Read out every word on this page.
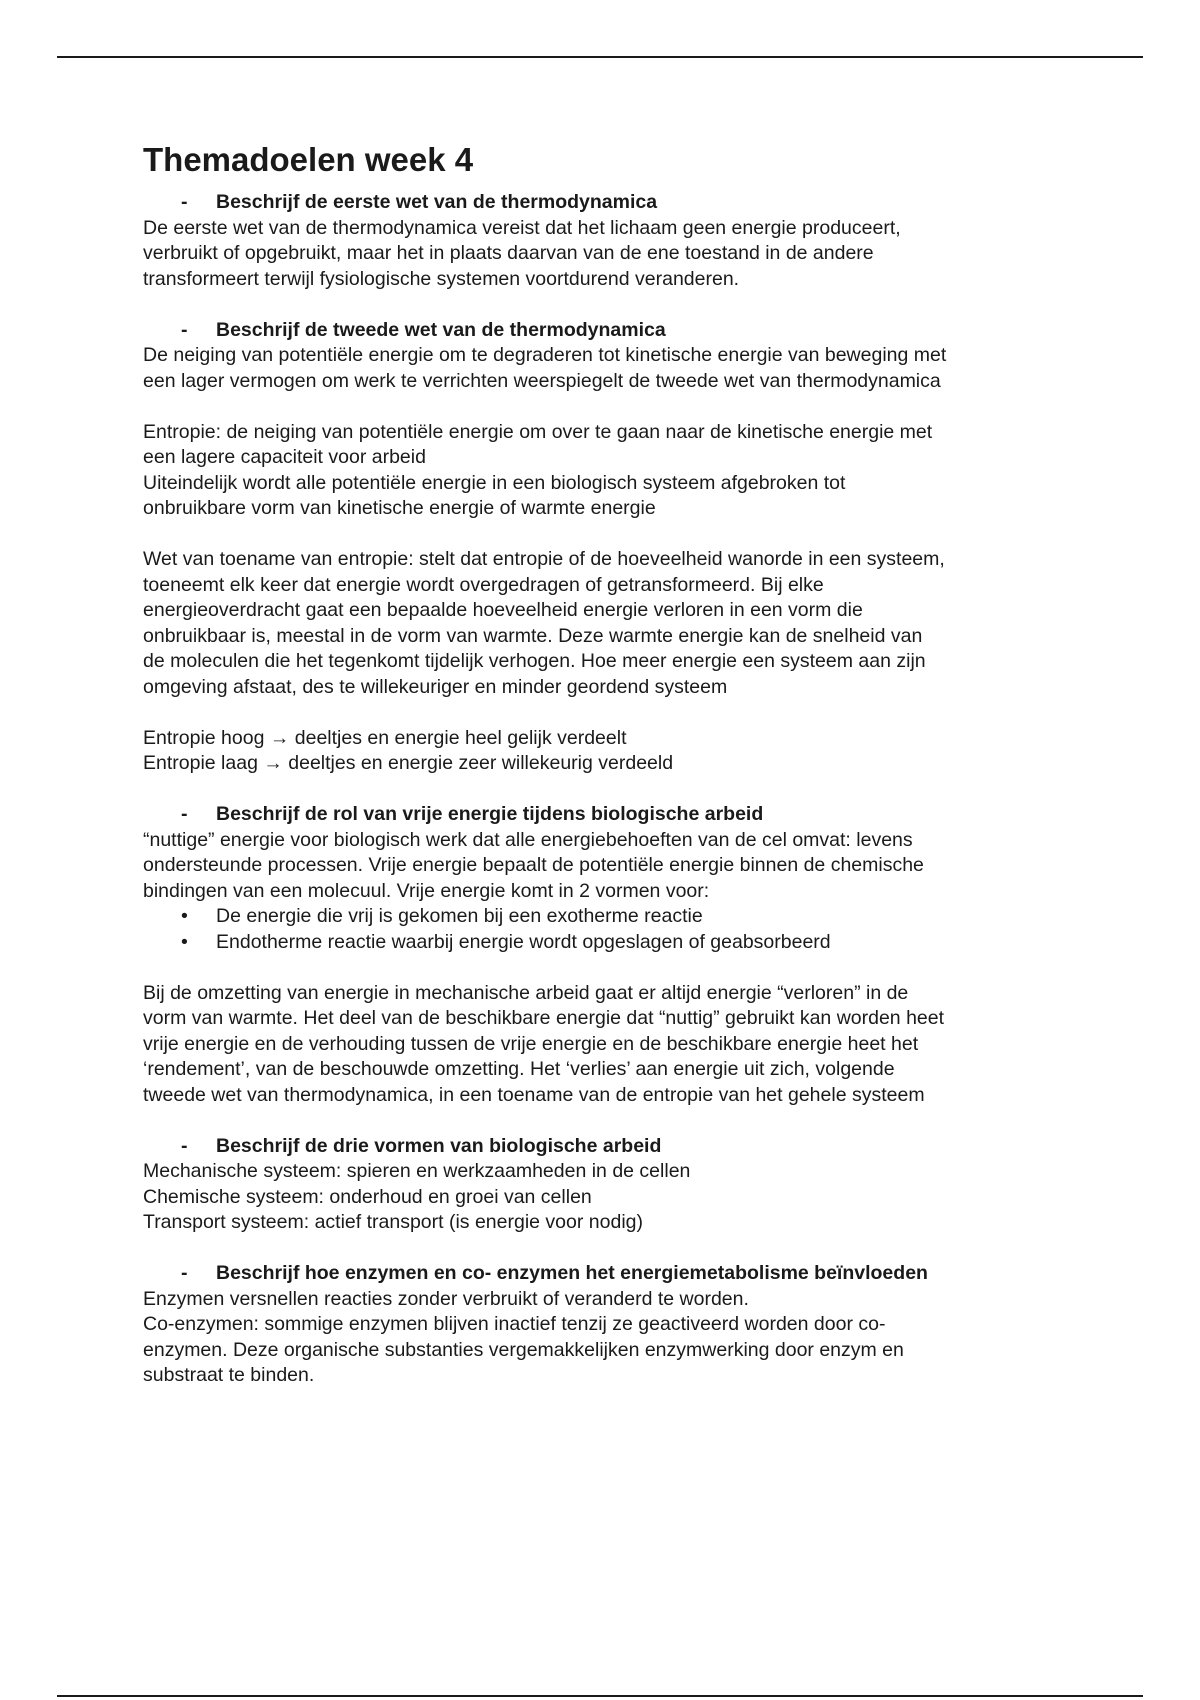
Themadoelen week 4

- Beschrijf de eerste wet van de thermodynamica

De eerste wet van de thermodynamica vereist dat het lichaam geen energie produceert,
verbruikt of opgebruikt, maar het in plaats daarvan van de ene toestand in de andere
transformeert terwijl fysiologische systemen voortdurend veranderen.

- Beschrijf de tweede wet van de thermodynamica

De neiging van potentiële energie om te degraderen tot kinetische energie van beweging met
een lager vermogen om werk te verrichten weerspiegelt de tweede wet van thermodynamica

Entropie: de neiging van potentiële energie om over te gaan naar de kinetische energie met
een lagere capaciteit voor arbeid
Uiteindelijk wordt alle potentiële energie in een biologisch systeem afgebroken tot
onbruikbare vorm van kinetische energie of warmte energie

Wet van toename van entropie: stelt dat entropie of de hoeveelheid wanorde in een systeem,
toeneemt elk keer dat energie wordt overgedragen of getransformeerd. Bij elke
energieoverdracht gaat een bepaalde hoeveelheid energie verloren in een vorm die
onbruikbaar is, meestal in de vorm van warmte. Deze warmte energie kan de snelheid van
de moleculen die het tegenkomt tijdelijk verhogen. Hoe meer energie een systeem aan zijn
omgeving afstaat, des te willekeuriger en minder geordend systeem

Entropie hoog → deeltjes en energie heel gelijk verdeelt
Entropie laag → deeltjes en energie zeer willekeurig verdeeld

- Beschrijf de rol van vrije energie tijdens biologische arbeid

“nuttige” energie voor biologisch werk dat alle energiebehoeften van de cel omvat: levens
ondersteunde processen. Vrije energie bepaalt de potentiële energie binnen de chemische
bindingen van een molecuul. Vrije energie komt in 2 vormen voor:

• De energie die vrij is gekomen bij een exotherme reactie
• Endotherme reactie waarbij energie wordt opgeslagen of geabsorbeerd

Bij de omzetting van energie in mechanische arbeid gaat er altijd energie “verloren” in de
vorm van warmte. Het deel van de beschikbare energie dat “nuttig” gebruikt kan worden heet
vrije energie en de verhouding tussen de vrije energie en de beschikbare energie heet het
‘rendement’, van de beschouwde omzetting. Het ‘verlies’ aan energie uit zich, volgende
tweede wet van thermodynamica, in een toename van de entropie van het gehele systeem

- Beschrijf de drie vormen van biologische arbeid

Mechanische systeem: spieren en werkzaamheden in de cellen
Chemische systeem: onderhoud en groei van cellen
Transport systeem: actief transport (is energie voor nodig)

- Beschrijf hoe enzymen en co- enzymen het energiemetabolisme beïnvloeden

Enzymen versnellen reacties zonder verbruikt of veranderd te worden.
Co-enzymen: sommige enzymen blijven inactief tenzij ze geactiveerd worden door co-
enzymen. Deze organische substanties vergemakkelijken enzymwerking door enzym en
substraat te binden.
